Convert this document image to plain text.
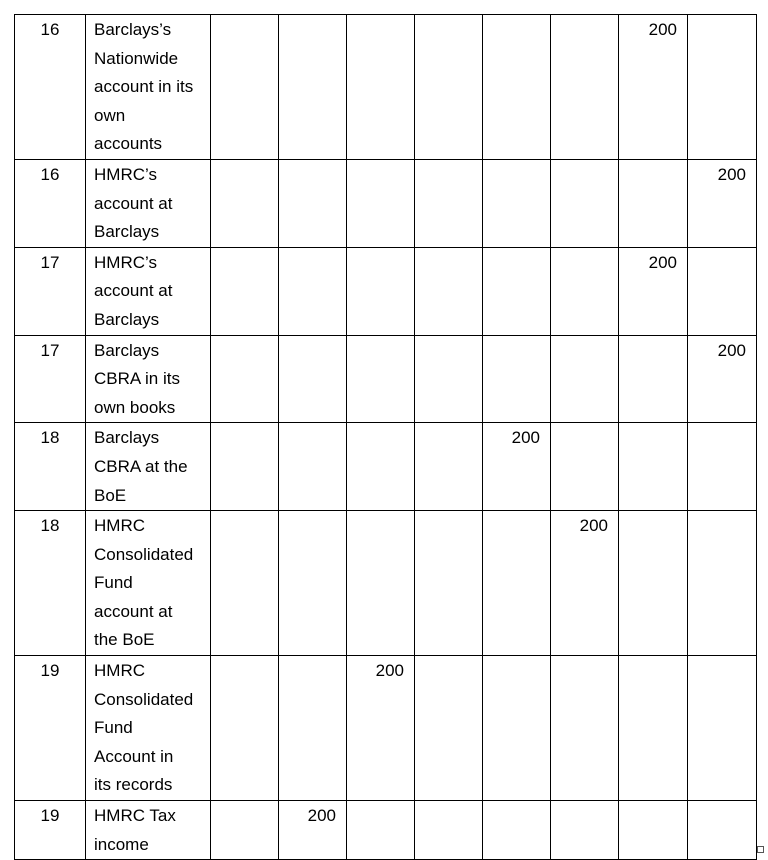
16	Barclays’s
Nationwide
account in its
own
accounts							200	
16	HMRC’s
account at
Barclays								200
17	HMRC’s
account at
Barclays							200	
17	Barclays
CBRA in its
own books								200
18	Barclays
CBRA at the
BoE					200			
18	HMRC
Consolidated
Fund
account at
the BoE						200		
19	HMRC
Consolidated
Fund
Account in
its records			200					
19	HMRC Tax
income		200						
